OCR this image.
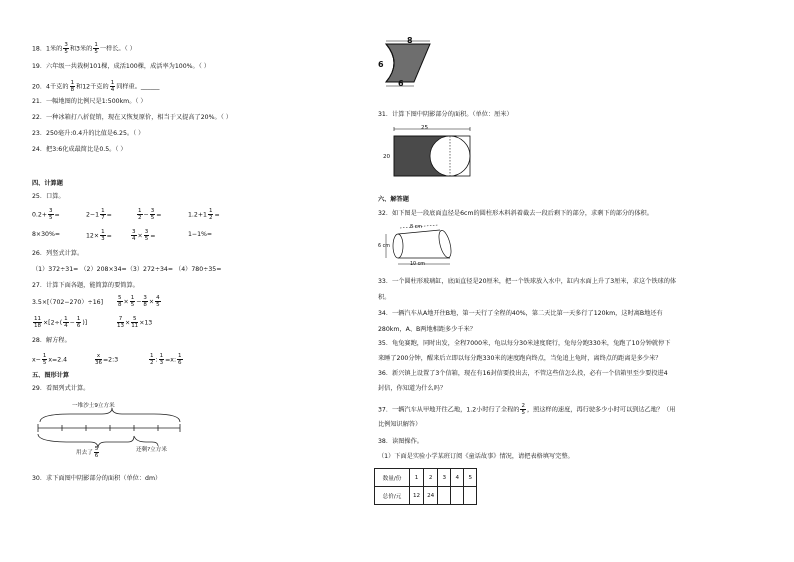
18．1米的 $\frac{3}{5}$ 和3米的 $\frac{1}{5}$ 一样长。（ ）
19．六年级一共栽树101棵，成活100棵，成活率为100%。（ ）
20．4千克的 $\frac{1}{8}$ 和12千克的 $\frac{1}{4}$ 同样重。______
21．一幅地图的比例尺是1:500km。（ ）
22．一种冰箱打八折促销，现在又恢复原价，相当于又提高了20%。（ ）
23．250毫升:0.4升的比值是6.25。（ ）
24．把3:6化成最简比是0.5。（ ）
四、计算题
25．口算。
$0.2+ \frac{3}{5}$ =	$2-1 \frac{1}{7}$ =	$\frac{1}{2} - \frac{3}{5}$ =	$1.2+1 \frac{1}{2}$ =
8×30%=	$12\times \frac{1}{3}$ =	$\frac{3}{4} \times \frac{3}{5}$ =	1−1%=
26．列竖式计算。
（1）372÷31= （2）208×34=（3）272÷34= （4）780÷35=
27．计算下面各题，能简算的要简算。
3.5×[（702−270）÷16]	$\frac{5}{8} \times \frac{1}{5} - \frac{3}{8} \times \frac{4}{5}$
$\frac{11}{18} \times[2\div( \frac{1}{4} - \frac{1}{6}$ )]	$\frac{7}{13} \times \frac{5}{11} \times 13$
28．解方程。
$x- \frac{1}{5} x=2.4$	$\frac{x}{36}$ =2:3	$\frac{1}{2}$ : $\frac{1}{3} =x$: $\frac{1}{6}$
五、图形计算
29．看图列式计算。
一堆沙土9立方米
用去了 $\frac{5}{6}$	还剩?立方米
30．求下面图中阴影部分的面积（单位：dm）
8
6
6
31．计算下图中阴影部分的面积。（单位：厘米）
25
20
六、解答题
32．如下图是一段底面直径是6cm的圆柱形木料斜着截去一段后剩下的部分，求剩下的部分的体积。
8 cm
6 cm
10 cm
33．一个圆柱形玻璃缸，底面直径是20厘米，把一个铁球放入水中，缸内水面上升了3厘米，求这个铁球的体
积。
34．一辆汽车从A地开往B地，第一天行了全程的40%，第二天比第一天多行了120km，这时离B地还有
280km，A、B两地相距多少千米？
35．龟兔赛跑，同时出发，全程7000米，龟以每分30米速度爬行，兔每分跑330米，兔跑了10分钟就停下
来睡了200分钟，醒来后立即以每分跑330米的速度跑向终点，当兔追上龟时，离终点的距离是多少米？
36．新兴镇上设置了3个信箱，现在有16封信要投出去，不管这些信怎么投，必有一个信箱里至少要投进4
封信，你知道为什么吗？
37．一辆汽车从甲地开往乙地，1.2小时行了全程的 $\frac{2}{5}$ ，照这样的速度，再行驶多少小时可以到达乙地？（用
比例知识解答）
38．读图操作。
（1）下面是实验小学某班订阅《童话故事》情况，请把表格填写完整。
数量/份	1	2	3	4	5
总价/元	12	24			
